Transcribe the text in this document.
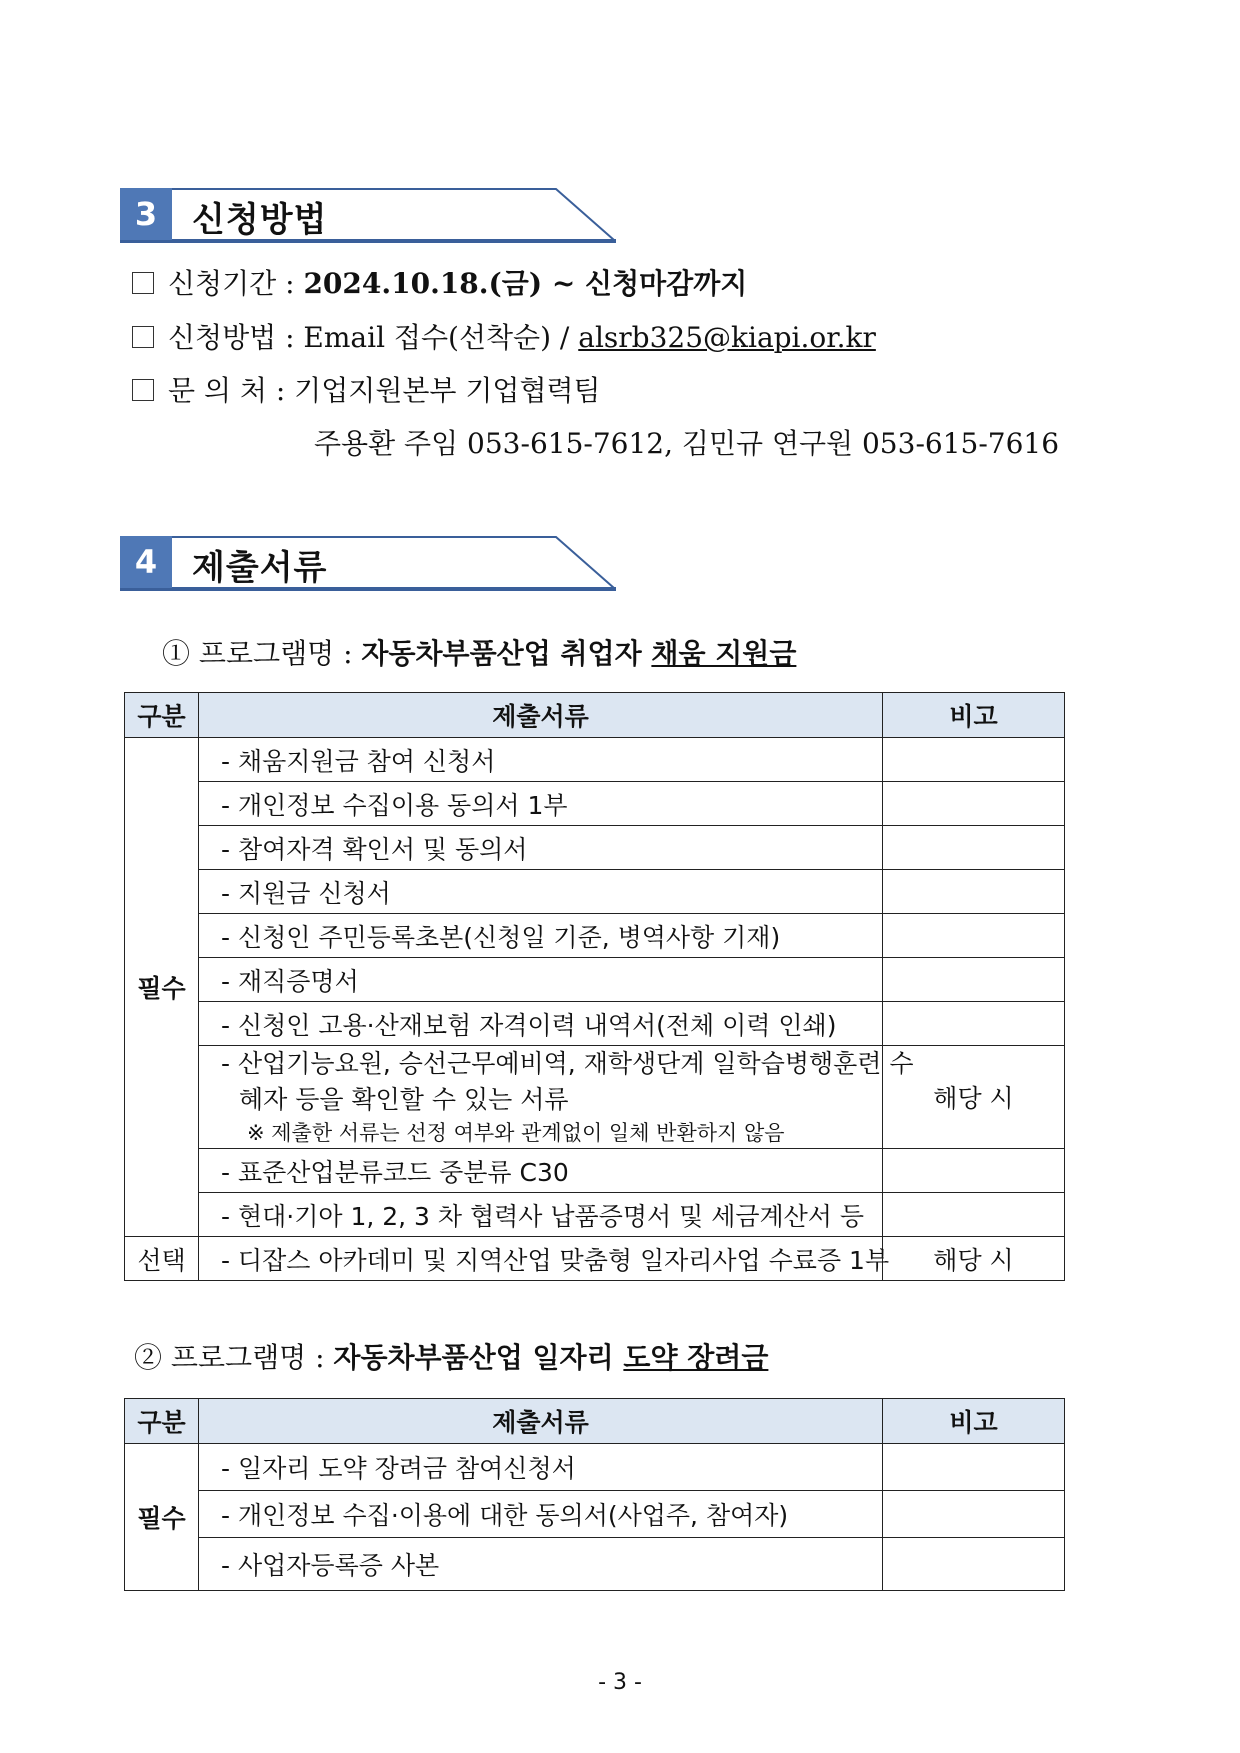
3	신청방법
신청기간 : 2024.10.18.(금) ~ 신청마감까지
신청방법 : Email 접수(선착순) / alsrb325@kiapi.or.kr
문 의 처 : 기업지원본부 기업협력팀
주용환 주임 053-615-7612, 김민규 연구원 053-615-7616
4	제출서류
① 프로그램명 : 자동차부품산업 취업자 채움 지원금
구분	제출서류	비고
필수	- 채움지원금 참여 신청서	
	- 개인정보 수집이용 동의서 1부	
	- 참여자격 확인서 및 동의서	
	- 지원금 신청서	
	- 신청인 주민등록초본(신청일 기준, 병역사항 기재)	
	- 재직증명서	
	- 신청인 고용·산재보험 자격이력 내역서(전체 이력 인쇄)	
	- 산업기능요원, 승선근무예비역, 재학생단계 일학습병행훈련 수
혜자 등을 확인할 수 있는 서류
※ 제출한 서류는 선정 여부와 관계없이 일체 반환하지 않음	해당 시
	- 표준산업분류코드 중분류 C30	
	- 현대·기아 1, 2, 3 차 협력사 납품증명서 및 세금계산서 등	
선택	- 디잡스 아카데미 및 지역산업 맞춤형 일자리사업 수료증 1부	해당 시
② 프로그램명 : 자동차부품산업 일자리 도약 장려금
구분	제출서류	비고
필수	- 일자리 도약 장려금 참여신청서	
	- 개인정보 수집·이용에 대한 동의서(사업주, 참여자)	
	- 사업자등록증 사본	
- 3 -
